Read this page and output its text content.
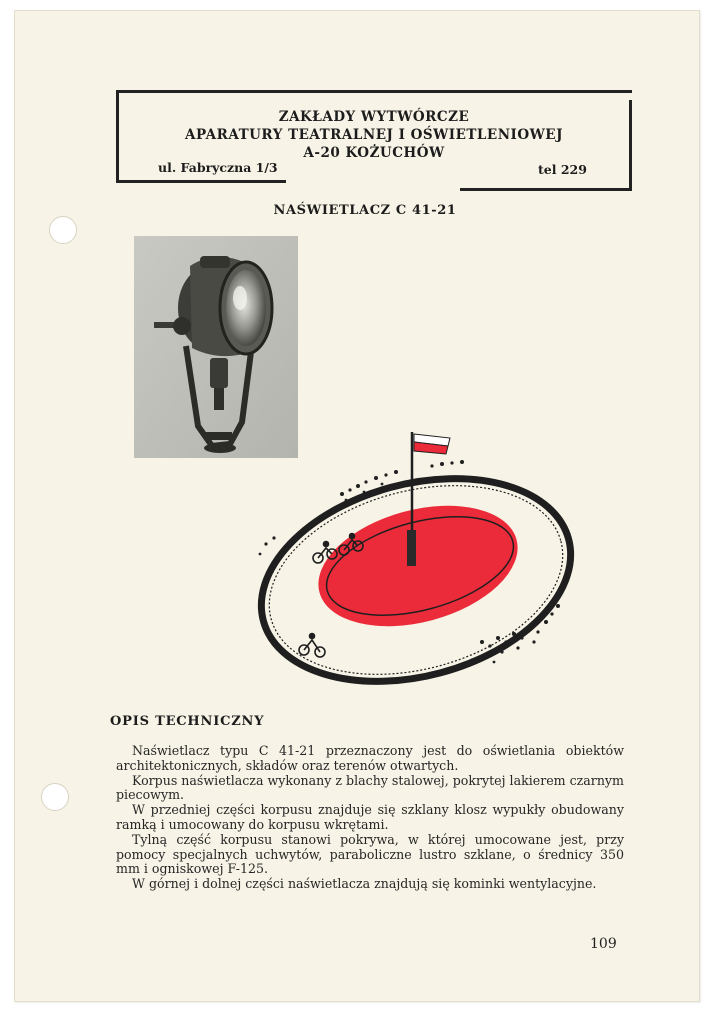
ZAKŁADY WYTWÓRCZE
APARATURY TEATRALNEJ I OŚWIETLENIOWEJ
A-20 KOŻUCHÓW
ul. Fabryczna 1/3	tel 229
NAŚWIETLACZ C 41-21
OPIS TECHNICZNY

Naświetlacz typu C 41-21 przeznaczony jest do oświetlania obiektów architektonicznych, składów oraz terenów otwartych.

Korpus naświetlacza wykonany z blachy stalowej, pokrytej lakierem czarnym piecowym.

W przedniej części korpusu znajduje się szklany klosz wypukły obudowany ramką i umocowany do korpusu wkrętami.

Tylną część korpusu stanowi pokrywa, w której umocowane jest, przy pomocy specjalnych uchwytów, paraboliczne lustro szklane, o średnicy 350 mm i ogniskowej F-125.

W górnej i dolnej części naświetlacza znajdują się kominki wentylacyjne.

109
